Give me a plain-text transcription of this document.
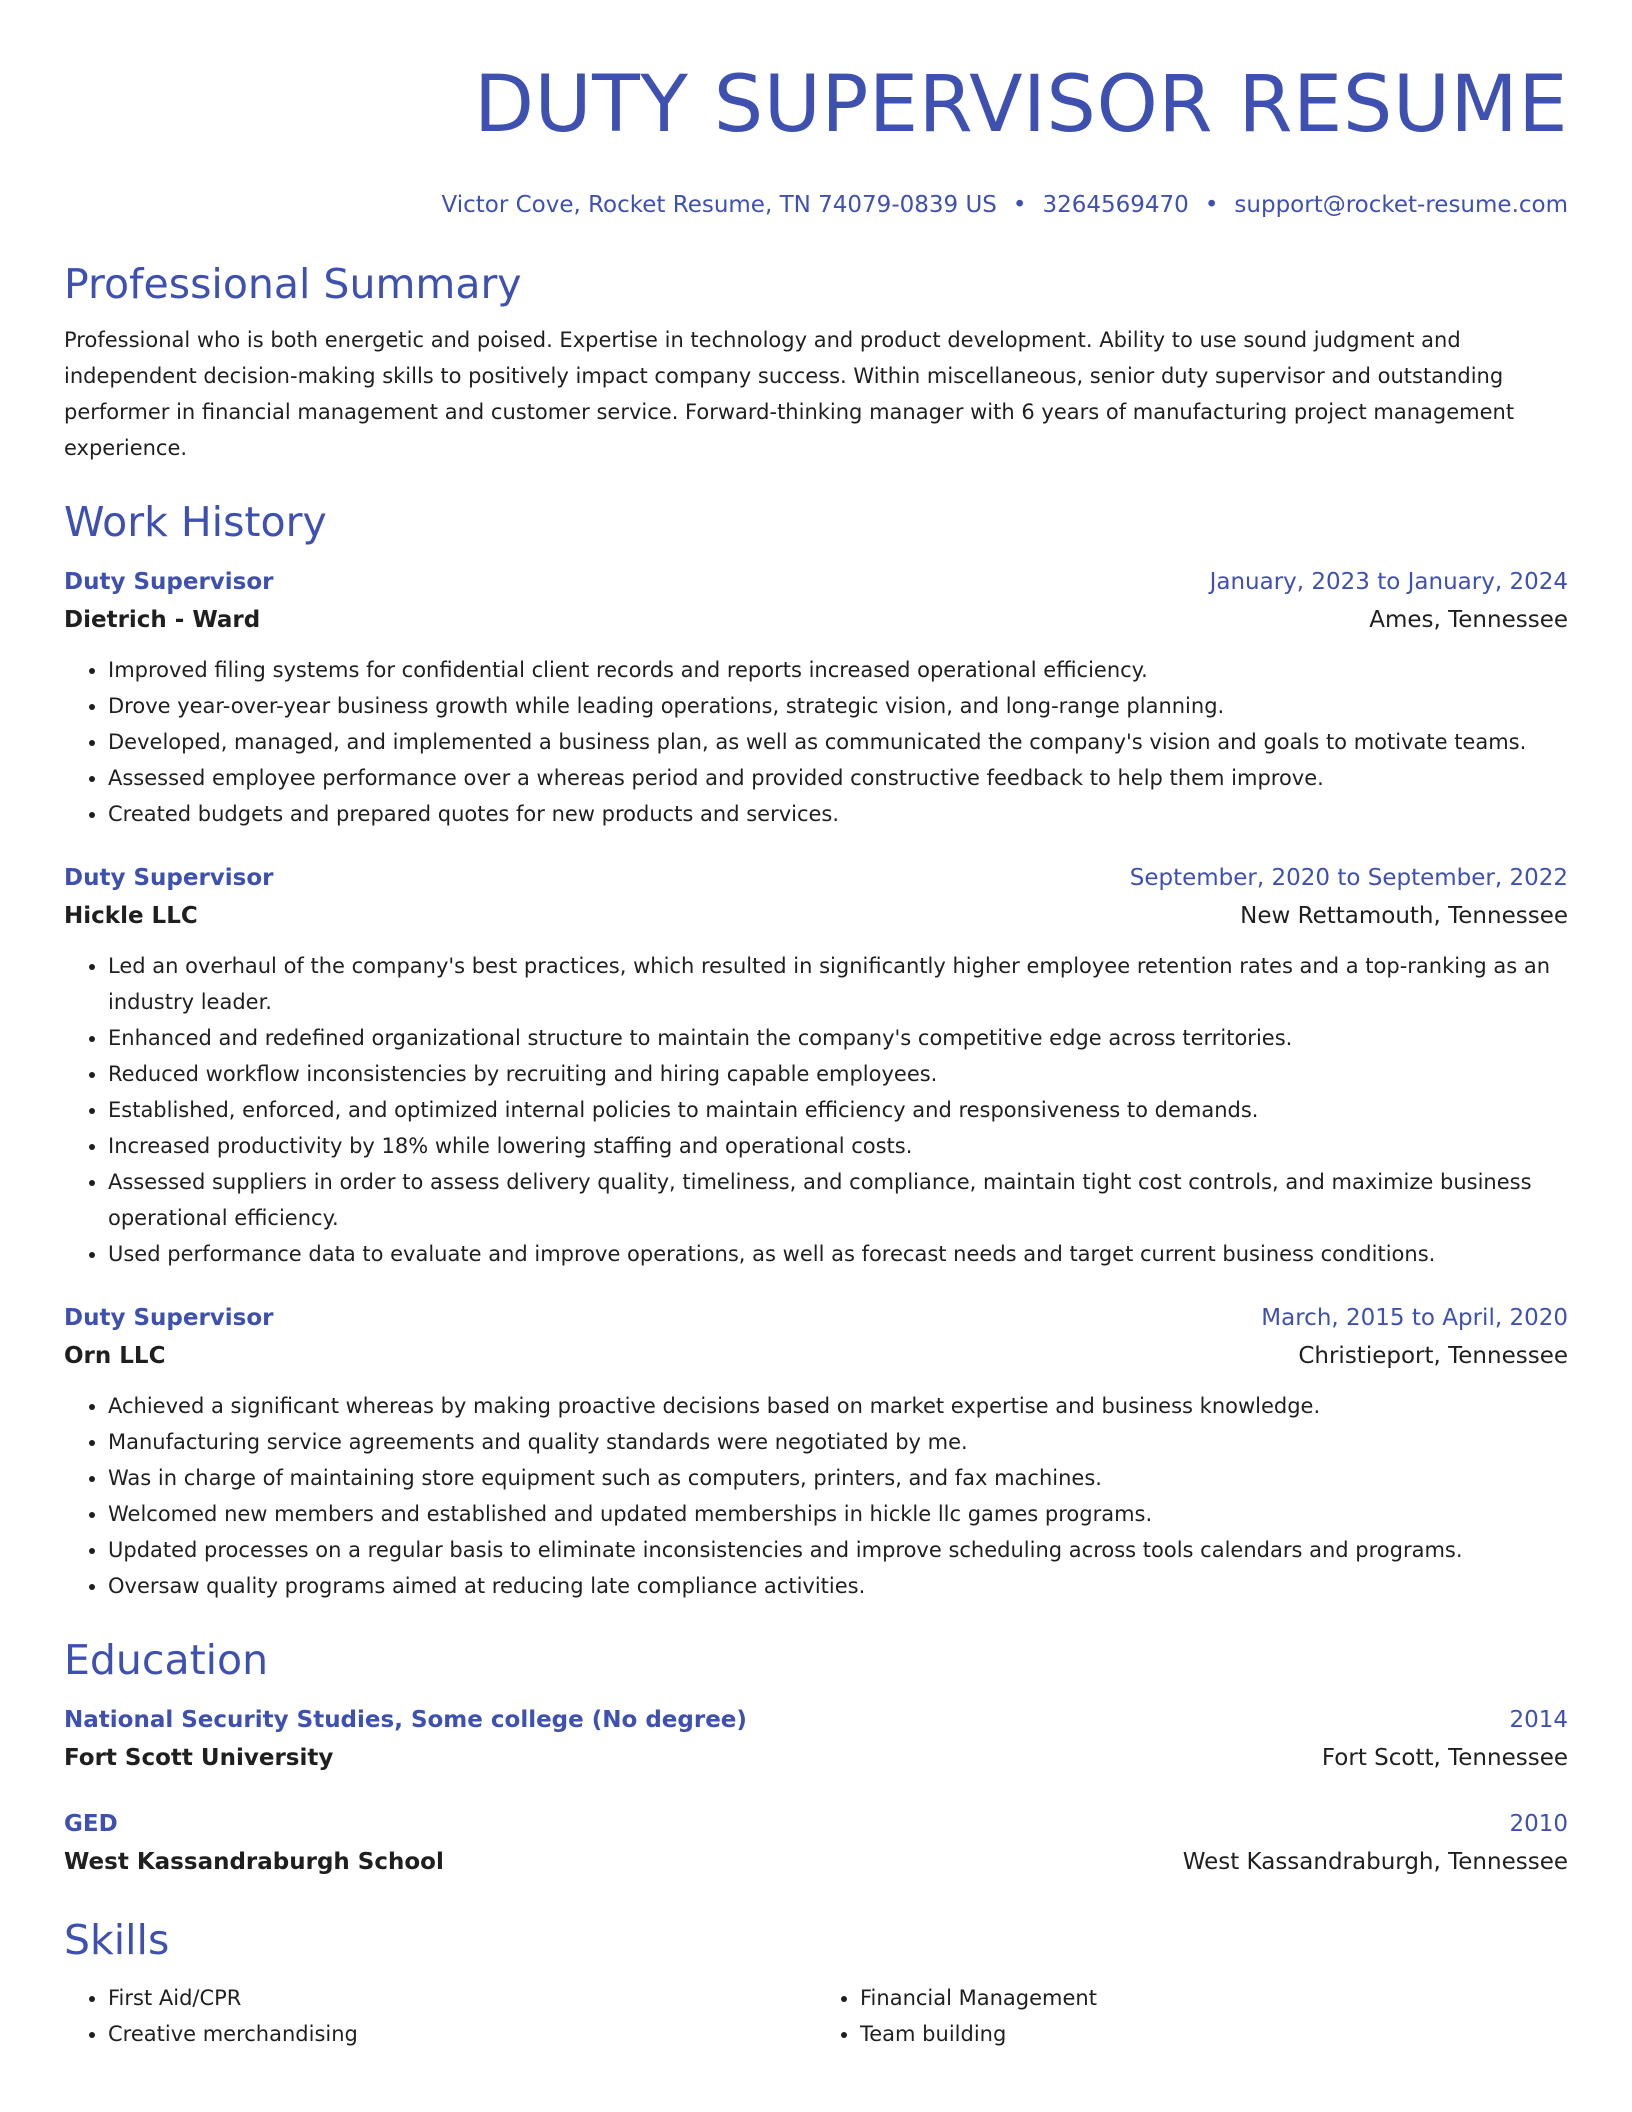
DUTY SUPERVISOR RESUME
Victor Cove, Rocket Resume, TN 74079-0839 US • 3264569470 • support@rocket-resume.com
Professional Summary
Professional who is both energetic and poised. Expertise in technology and product development. Ability to use sound judgment and independent decision-making skills to positively impact company success. Within miscellaneous, senior duty supervisor and outstanding performer in financial management and customer service. Forward-thinking manager with 6 years of manufacturing project management experience.
Work History
Duty Supervisor	January, 2023 to January, 2024
Dietrich - Ward	Ames, Tennessee
• Improved filing systems for confidential client records and reports increased operational efficiency.
• Drove year-over-year business growth while leading operations, strategic vision, and long-range planning.
• Developed, managed, and implemented a business plan, as well as communicated the company's vision and goals to motivate teams.
• Assessed employee performance over a whereas period and provided constructive feedback to help them improve.
• Created budgets and prepared quotes for new products and services.
Duty Supervisor	September, 2020 to September, 2022
Hickle LLC	New Rettamouth, Tennessee
• Led an overhaul of the company's best practices, which resulted in significantly higher employee retention rates and a top-ranking as an industry leader.
• Enhanced and redefined organizational structure to maintain the company's competitive edge across territories.
• Reduced workflow inconsistencies by recruiting and hiring capable employees.
• Established, enforced, and optimized internal policies to maintain efficiency and responsiveness to demands.
• Increased productivity by 18% while lowering staffing and operational costs.
• Assessed suppliers in order to assess delivery quality, timeliness, and compliance, maintain tight cost controls, and maximize business operational efficiency.
• Used performance data to evaluate and improve operations, as well as forecast needs and target current business conditions.
Duty Supervisor	March, 2015 to April, 2020
Orn LLC	Christieport, Tennessee
• Achieved a significant whereas by making proactive decisions based on market expertise and business knowledge.
• Manufacturing service agreements and quality standards were negotiated by me.
• Was in charge of maintaining store equipment such as computers, printers, and fax machines.
• Welcomed new members and established and updated memberships in hickle llc games programs.
• Updated processes on a regular basis to eliminate inconsistencies and improve scheduling across tools calendars and programs.
• Oversaw quality programs aimed at reducing late compliance activities.
Education
National Security Studies, Some college (No degree)	2014
Fort Scott University	Fort Scott, Tennessee
GED	2010
West Kassandraburgh School	West Kassandraburgh, Tennessee
Skills
• First Aid/CPR
• Creative merchandising
• Financial Management
• Team building
